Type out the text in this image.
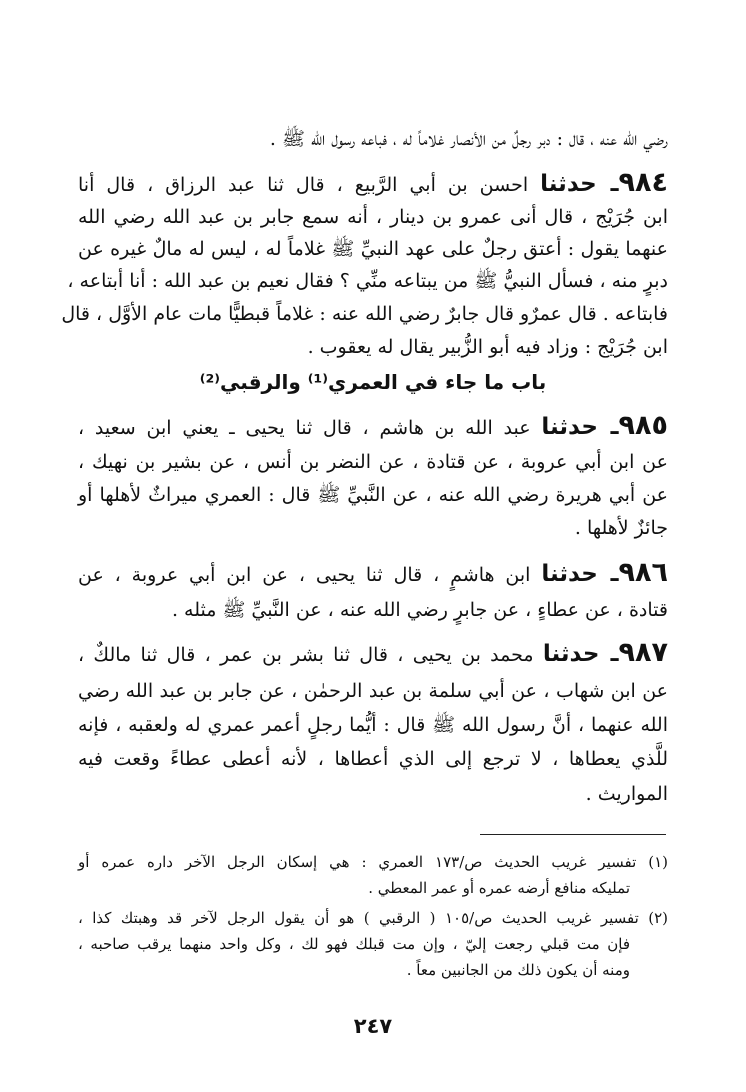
رضي الله عنه ، قال : دبر رجلٌ من الأنصار غلاماً له ، فباعه رسول الله ﷺ .
٩٨٤ـ حدثنا احسن بن أبي الرَّبيع ، قال ثنا عبد الرزاق ، قال أنا
ابن جُرَيْج ، قال أنى عمرو بن دينار ، أنه سمع جابر بن عبد الله رضي الله
عنهما يقول : أعتق رجلٌ على عهد النبيِّ ﷺ غلاماً له ، ليس له مالٌ غيره عن
دبرٍ منه ، فسأل النبيُّ ﷺ من يبتاعه منِّي ؟ فقال نعيم بن عبد الله : أنا أبتاعه ،
فابتاعه . قال عمرٌو قال جابرٌ رضي الله عنه : غلاماً قبطيًّا مات عام الأوَّل ، قال
ابن جُرَيْج : وزاد فيه أبو الزُّبير يقال له يعقوب .
باب ما جاء في العمري⁽¹⁾ والرقبي⁽²⁾
٩٨٥ـ حدثنا عبد الله بن هاشم ، قال ثنا يحيى ـ يعني ابن سعيد ،
عن ابن أبي عروبة ، عن قتادة ، عن النضر بن أنس ، عن بشير بن نهيك ،
عن أبي هريرة رضي الله عنه ، عن النَّبيِّ ﷺ قال : العمري ميراثٌ لأهلها أو
جائزٌ لأهلها .
٩٨٦ـ حدثنا ابن هاشمٍ ، قال ثنا يحيى ، عن ابن أبي عروبة ، عن
قتادة ، عن عطاءٍ ، عن جابرٍ رضي الله عنه ، عن النَّبيِّ ﷺ مثله .
٩٨٧ـ حدثنا محمد بن يحيى ، قال ثنا بشر بن عمر ، قال ثنا مالكٌ ،
عن ابن شهاب ، عن أبي سلمة بن عبد الرحمٰن ، عن جابر بن عبد الله رضي
الله عنهما ، أنَّ رسول الله ﷺ قال : أيُّما رجلٍ أعمر عمري له ولعقبه ، فإنه
للَّذي يعطاها ، لا ترجع إلى الذي أعطاها ، لأنه أعطى عطاءً وقعت فيه
المواريث .
(١) تفسير غريب الحديث ص/١٧٣ العمري : هي إسكان الرجل الآخر داره عمره أو
تمليكه منافع أرضه عمره أو عمر المعطي .
(٢) تفسير غريب الحديث ص/١٠٥ ( الرقبي ) هو أن يقول الرجل لآخر قد وهبتك كذا ،
فإن مت قبلي رجعت إليّ ، وإن مت قبلك فهو لك ، وكل واحد منهما يرقب صاحبه ،
ومنه أن يكون ذلك من الجانبين معاً .
٢٤٧
